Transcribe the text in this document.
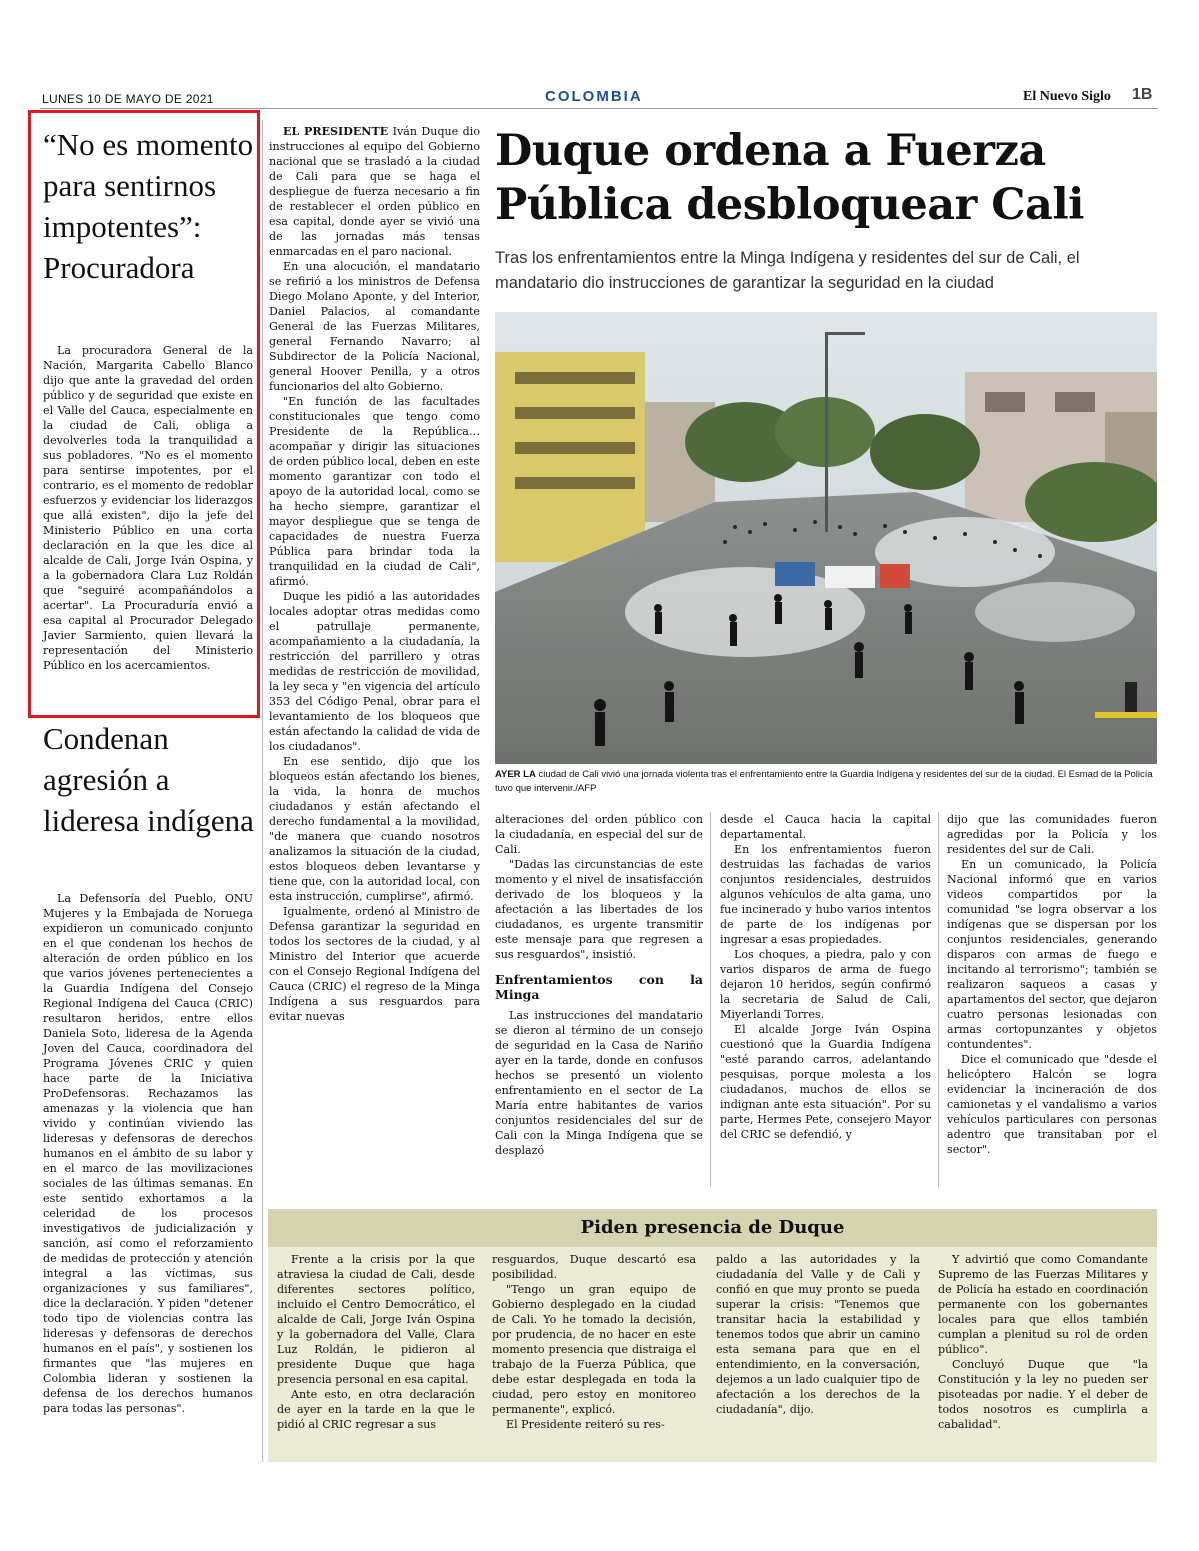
LUNES 10 DE MAYO DE 2021	COLOMBIA	El Nuevo Siglo 1B
“No es momento para sentirnos impotentes”: Procuradora

La procuradora General de la Nación, Margarita Cabello Blanco dijo que ante la gravedad del orden público y de seguridad que existe en el Valle del Cauca, especialmente en la ciudad de Cali, obliga a devolverles toda la tranquilidad a sus pobladores. "No es el momento para sentirse impotentes, por el contrario, es el momento de redoblar esfuerzos y evidenciar los liderazgos que allá existen", dijo la jefe del Ministerio Público en una corta declaración en la que les dice al alcalde de Cali, Jorge Iván Ospina, y a la gobernadora Clara Luz Roldán que "seguiré acompañándolos a acertar". La Procuraduría envió a esa capital al Procurador Delegado Javier Sarmiento, quien llevará la representación del Ministerio Público en los acercamientos.

Condenan agresión a lideresa indígena

La Defensoría del Pueblo, ONU Mujeres y la Embajada de Noruega expidieron un comunicado conjunto en el que condenan los hechos de alteración de orden público en los que varios jóvenes pertenecientes a la Guardia Indígena del Consejo Regional Indígena del Cauca (CRIC) resultaron heridos, entre ellos Daniela Soto, lideresa de la Agenda Joven del Cauca, coordinadora del Programa Jóvenes CRIC y quien hace parte de la Iniciativa ProDefensoras. Rechazamos las amenazas y la violencia que han vivido y continúan viviendo las lideresas y defensoras de derechos humanos en el ámbito de su labor y en el marco de las movilizaciones sociales de las últimas semanas. En este sentido exhortamos a la celeridad de los procesos investigativos de judicialización y sanción, así como el reforzamiento de medidas de protección y atención integral a las víctimas, sus organizaciones y sus familiares", dice la declaración. Y piden "detener todo tipo de violencias contra las lideresas y defensoras de derechos humanos en el país", y sostienen los firmantes que "las mujeres en Colombia lideran y sostienen la defensa de los derechos humanos para todas las personas".

EL PRESIDENTE Iván Duque dio instrucciones al equipo del Gobierno nacional que se trasladó a la ciudad de Cali para que se haga el despliegue de fuerza necesario a fin de restablecer el orden público en esa capital, donde ayer se vivió una de las jornadas más tensas enmarcadas en el paro nacional.

En una alocución, el mandatario se refirió a los ministros de Defensa Diego Molano Aponte, y del Interior, Daniel Palacios, al comandante General de las Fuerzas Militares, general Fernando Navarro; al Subdirector de la Policía Nacional, general Hoover Penilla, y a otros funcionarios del alto Gobierno.

"En función de las facultades constitucionales que tengo como Presidente de la República… acompañar y dirigir las situaciones de orden público local, deben en este momento garantizar con todo el apoyo de la autoridad local, como se ha hecho siempre, garantizar el mayor despliegue que se tenga de capacidades de nuestra Fuerza Pública para brindar toda la tranquilidad en la ciudad de Cali", afirmó.

Duque les pidió a las autoridades locales adoptar otras medidas como el patrullaje permanente, acompañamiento a la ciudadanía, la restricción del parrillero y otras medidas de restricción de movilidad, la ley seca y "en vigencia del artículo 353 del Código Penal, obrar para el levantamiento de los bloqueos que están afectando la calidad de vida de los ciudadanos".

En ese sentido, dijo que los bloqueos están afectando los bienes, la vida, la honra de muchos ciudadanos y están afectando el derecho fundamental a la movilidad, "de manera que cuando nosotros analizamos la situación de la ciudad, estos bloqueos deben levantarse y tiene que, con la autoridad local, con esta instrucción, cumplirse", afirmó.

Igualmente, ordenó al Ministro de Defensa garantizar la seguridad en todos los sectores de la ciudad, y al Ministro del Interior que acuerde con el Consejo Regional Indígena del Cauca (CRIC) el regreso de la Minga Indígena a sus resguardos para evitar nuevas

Duque ordena a Fuerza Pública desbloquear Cali
Tras los enfrentamientos entre la Minga Indígena y residentes del sur de Cali, el mandatario dio instrucciones de garantizar la seguridad en la ciudad
AYER LA ciudad de Cali vivió una jornada violenta tras el enfrentamiento entre la Guardia Indígena y residentes del sur de la ciudad. El Esmad de la Policía tuvo que intervenir./AFP

alteraciones del orden público con la ciudadanía, en especial del sur de Cali.

"Dadas las circunstancias de este momento y el nivel de insatisfacción derivado de los bloqueos y la afectación a las libertades de los ciudadanos, es urgente transmitir este mensaje para que regresen a sus resguardos", insistió.

Enfrentamientos con la Minga

Las instrucciones del mandatario se dieron al término de un consejo de seguridad en la Casa de Nariño ayer en la tarde, donde en confusos hechos se presentó un violento enfrentamiento en el sector de La María entre habitantes de varios conjuntos residenciales del sur de Cali con la Minga Indígena que se desplazó

desde el Cauca hacia la capital departamental.

En los enfrentamientos fueron destruidas las fachadas de varios conjuntos residenciales, destruidos algunos vehículos de alta gama, uno fue incinerado y hubo varios intentos de parte de los indígenas por ingresar a esas propiedades.

Los choques, a piedra, palo y con varios disparos de arma de fuego dejaron 10 heridos, según confirmó la secretaria de Salud de Cali, Miyerlandi Torres.

El alcalde Jorge Iván Ospina cuestionó que la Guardia Indígena "esté parando carros, adelantando pesquisas, porque molesta a los ciudadanos, muchos de ellos se indignan ante esta situación". Por su parte, Hermes Pete, consejero Mayor del CRIC se defendió, y

dijo que las comunidades fueron agredidas por la Policía y los residentes del sur de Cali.

En un comunicado, la Policía Nacional informó que en varios videos compartidos por la comunidad "se logra observar a los indígenas que se dispersan por los conjuntos residenciales, generando disparos con armas de fuego e incitando al terrorismo"; también se realizaron saqueos a casas y apartamentos del sector, que dejaron cuatro personas lesionadas con armas cortopunzantes y objetos contundentes".

Dice el comunicado que "desde el helicóptero Halcón se logra evidenciar la incineración de dos camionetas y el vandalismo a varios vehículos particulares con personas adentro que transitaban por el sector".

Piden presencia de Duque

Frente a la crisis por la que atraviesa la ciudad de Cali, desde diferentes sectores político, incluido el Centro Democrático, el alcalde de Cali, Jorge Iván Ospina y la gobernadora del Valle, Clara Luz Roldán, le pidieron al presidente Duque que haga presencia personal en esa capital.

Ante esto, en otra declaración de ayer en la tarde en la que le pidió al CRIC regresar a sus

resguardos, Duque descartó esa posibilidad.

"Tengo un gran equipo de Gobierno desplegado en la ciudad de Cali. Yo he tomado la decisión, por prudencia, de no hacer en este momento presencia que distraiga el trabajo de la Fuerza Pública, que debe estar desplegada en toda la ciudad, pero estoy en monitoreo permanente", explicó.

El Presidente reiteró su res-

paldo a las autoridades y la ciudadanía del Valle y de Cali y confió en que muy pronto se pueda superar la crisis: "Tenemos que transitar hacia la estabilidad y tenemos todos que abrir un camino esta semana para que en el entendimiento, en la conversación, dejemos a un lado cualquier tipo de afectación a los derechos de la ciudadanía", dijo.

Y advirtió que como Comandante Supremo de las Fuerzas Militares y de Policía ha estado en coordinación permanente con los gobernantes locales para que ellos también cumplan a plenitud su rol de orden público".

Concluyó Duque que "la Constitución y la ley no pueden ser pisoteadas por nadie. Y el deber de todos nosotros es cumplirla a cabalidad".
